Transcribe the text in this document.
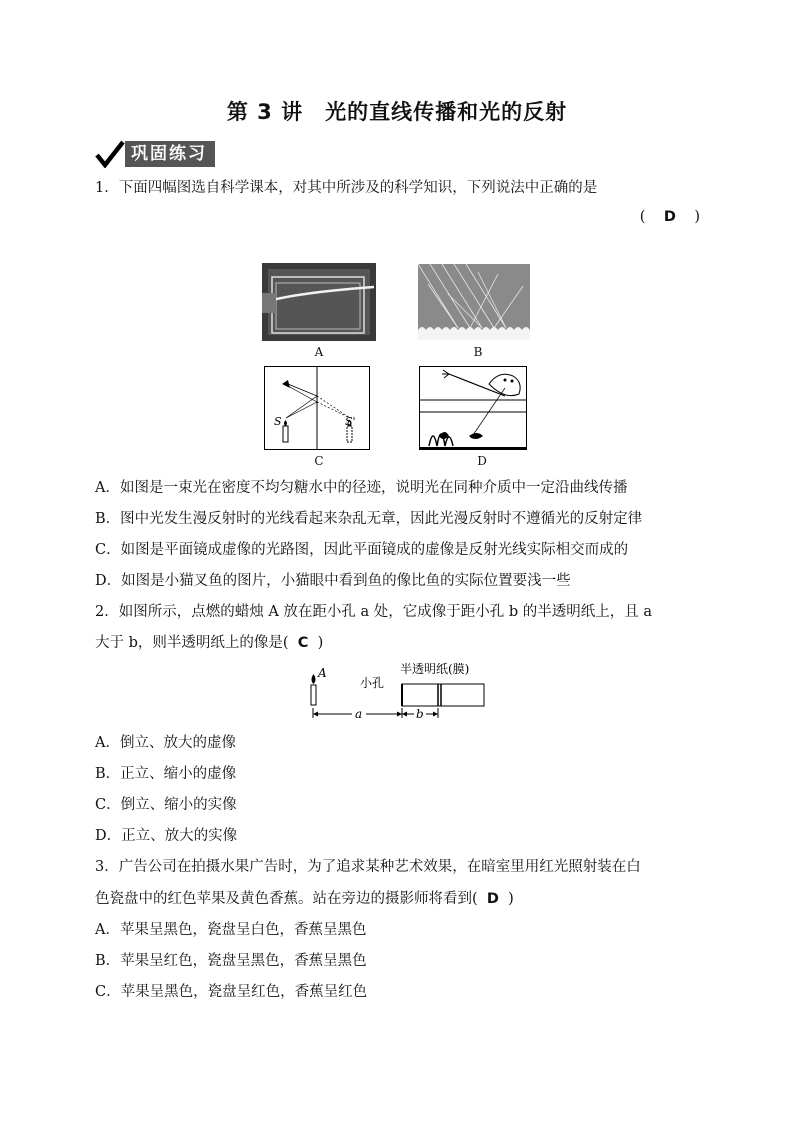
第 3 讲　光的直线传播和光的反射
巩固练习
1．下面四幅图选自科学课本，对其中所涉及的科学知识，下列说法中正确的是
( D )
A	B
S	S'
C	D
A．如图是一束光在密度不均匀糖水中的径迹，说明光在同种介质中一定沿曲线传播
B．图中光发生漫反射时的光线看起来杂乱无章，因此光漫反射时不遵循光的反射定律
C．如图是平面镜成虚像的光路图，因此平面镜成的虚像是反射光线实际相交而成的
D．如图是小猫叉鱼的图片，小猫眼中看到鱼的像比鱼的实际位置要浅一些
2．如图所示，点燃的蜡烛 A 放在距小孔 a 处，它成像于距小孔 b 的半透明纸上，且 a
大于 b，则半透明纸上的像是( C )
A
小孔
半透明纸(膜)
a	b
A．倒立、放大的虚像
B．正立、缩小的虚像
C．倒立、缩小的实像
D．正立、放大的实像
3．广告公司在拍摄水果广告时，为了追求某种艺术效果，在暗室里用红光照射装在白
色瓷盘中的红色苹果及黄色香蕉。站在旁边的摄影师将看到( D )
A．苹果呈黑色，瓷盘呈白色，香蕉呈黑色
B．苹果呈红色，瓷盘呈黑色，香蕉呈黑色
C．苹果呈黑色，瓷盘呈红色，香蕉呈红色
